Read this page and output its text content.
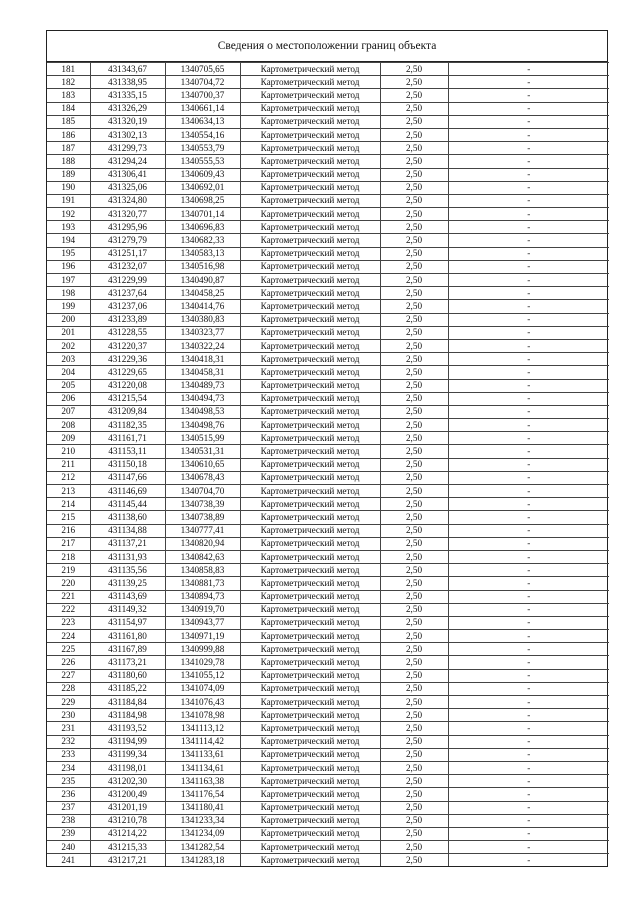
Сведения о местоположении границ объекта
181	431343,67	1340705,65	Картометрический метод	2,50	-
182	431338,95	1340704,72	Картометрический метод	2,50	-
183	431335,15	1340700,37	Картометрический метод	2,50	-
184	431326,29	1340661,14	Картометрический метод	2,50	-
185	431320,19	1340634,13	Картометрический метод	2,50	-
186	431302,13	1340554,16	Картометрический метод	2,50	-
187	431299,73	1340553,79	Картометрический метод	2,50	-
188	431294,24	1340555,53	Картометрический метод	2,50	-
189	431306,41	1340609,43	Картометрический метод	2,50	-
190	431325,06	1340692,01	Картометрический метод	2,50	-
191	431324,80	1340698,25	Картометрический метод	2,50	-
192	431320,77	1340701,14	Картометрический метод	2,50	-
193	431295,96	1340696,83	Картометрический метод	2,50	-
194	431279,79	1340682,33	Картометрический метод	2,50	-
195	431251,17	1340583,13	Картометрический метод	2,50	-
196	431232,07	1340516,98	Картометрический метод	2,50	-
197	431229,99	1340490,87	Картометрический метод	2,50	-
198	431237,64	1340458,25	Картометрический метод	2,50	-
199	431237,06	1340414,76	Картометрический метод	2,50	-
200	431233,89	1340380,83	Картометрический метод	2,50	-
201	431228,55	1340323,77	Картометрический метод	2,50	-
202	431220,37	1340322,24	Картометрический метод	2,50	-
203	431229,36	1340418,31	Картометрический метод	2,50	-
204	431229,65	1340458,31	Картометрический метод	2,50	-
205	431220,08	1340489,73	Картометрический метод	2,50	-
206	431215,54	1340494,73	Картометрический метод	2,50	-
207	431209,84	1340498,53	Картометрический метод	2,50	-
208	431182,35	1340498,76	Картометрический метод	2,50	-
209	431161,71	1340515,99	Картометрический метод	2,50	-
210	431153,11	1340531,31	Картометрический метод	2,50	-
211	431150,18	1340610,65	Картометрический метод	2,50	-
212	431147,66	1340678,43	Картометрический метод	2,50	-
213	431146,69	1340704,70	Картометрический метод	2,50	-
214	431145,44	1340738,39	Картометрический метод	2,50	-
215	431138,60	1340738,89	Картометрический метод	2,50	-
216	431134,88	1340777,41	Картометрический метод	2,50	-
217	431137,21	1340820,94	Картометрический метод	2,50	-
218	431131,93	1340842,63	Картометрический метод	2,50	-
219	431135,56	1340858,83	Картометрический метод	2,50	-
220	431139,25	1340881,73	Картометрический метод	2,50	-
221	431143,69	1340894,73	Картометрический метод	2,50	-
222	431149,32	1340919,70	Картометрический метод	2,50	-
223	431154,97	1340943,77	Картометрический метод	2,50	-
224	431161,80	1340971,19	Картометрический метод	2,50	-
225	431167,89	1340999,88	Картометрический метод	2,50	-
226	431173,21	1341029,78	Картометрический метод	2,50	-
227	431180,60	1341055,12	Картометрический метод	2,50	-
228	431185,22	1341074,09	Картометрический метод	2,50	-
229	431184,84	1341076,43	Картометрический метод	2,50	-
230	431184,98	1341078,98	Картометрический метод	2,50	-
231	431193,52	1341113,12	Картометрический метод	2,50	-
232	431194,99	1341114,42	Картометрический метод	2,50	-
233	431199,34	1341133,61	Картометрический метод	2,50	-
234	431198,01	1341134,61	Картометрический метод	2,50	-
235	431202,30	1341163,38	Картометрический метод	2,50	-
236	431200,49	1341176,54	Картометрический метод	2,50	-
237	431201,19	1341180,41	Картометрический метод	2,50	-
238	431210,78	1341233,34	Картометрический метод	2,50	-
239	431214,22	1341234,09	Картометрический метод	2,50	-
240	431215,33	1341282,54	Картометрический метод	2,50	-
241	431217,21	1341283,18	Картометрический метод	2,50	-
